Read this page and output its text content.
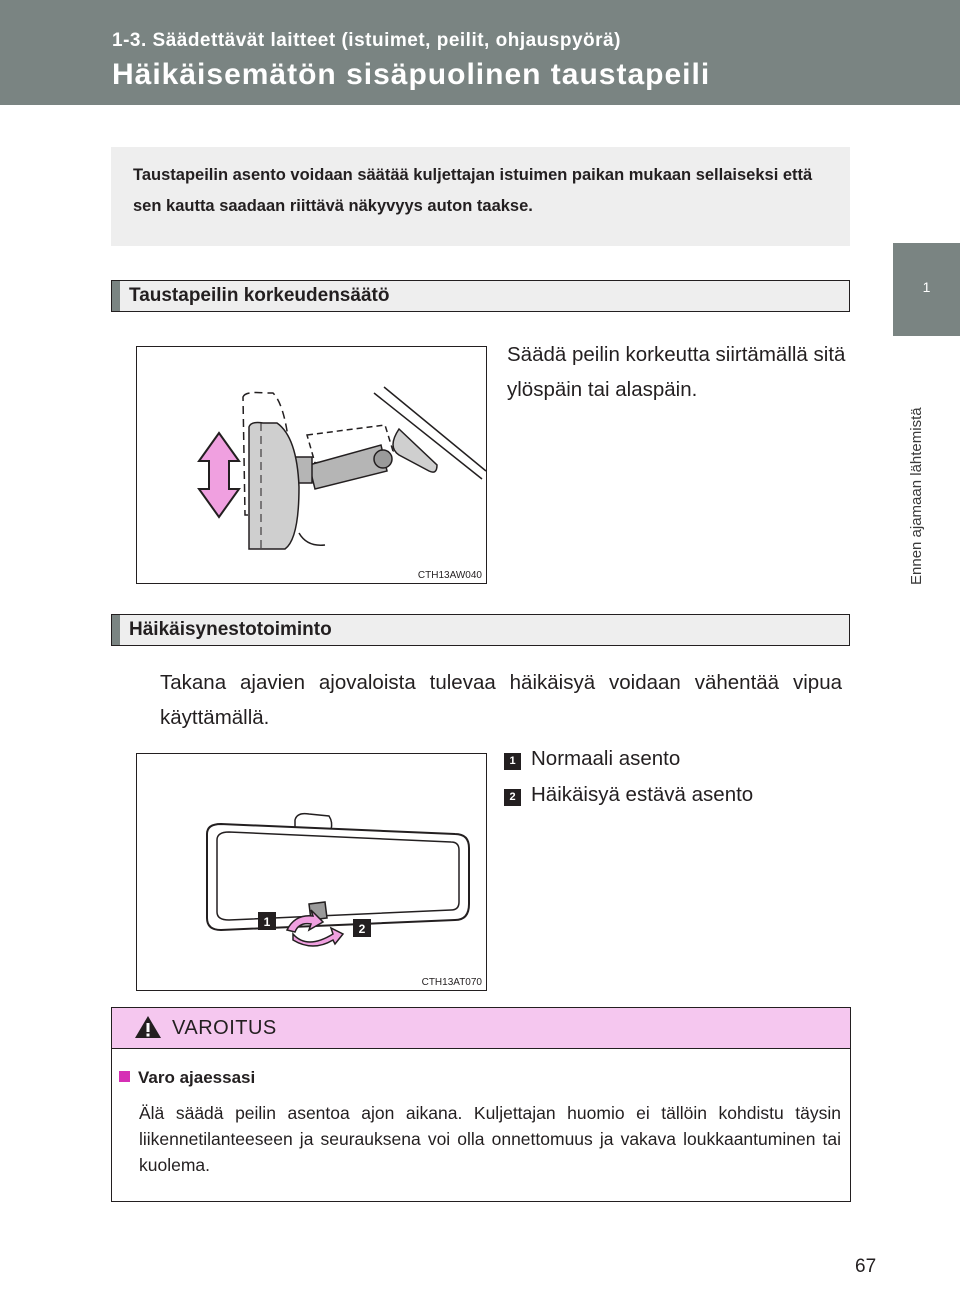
1-3. Säädettävät laitteet (istuimet, peilit, ohjauspyörä)
Häikäisemätön sisäpuolinen taustapeili
1
Ennen ajamaan lähtemistä

Taustapeilin asento voidaan säätää kuljettajan istuimen paikan mukaan sellaiseksi että sen kautta saadaan riittävä näkyvyys auton taakse.

Taustapeilin korkeudensäätö
CTH13AW040
Säädä peilin korkeutta siirtämällä sitä ylöspäin tai alaspäin.
Häikäisynestotoiminto
Takana ajavien ajovaloista tulevaa häikäisyä voidaan vähentää vipua käyttämällä.
1 Normaali asento
2 Häikäisyä estävä asento
1	2
CTH13AT070
VAROITUS
Varo ajaessasi
Älä säädä peilin asentoa ajon aikana. Kuljettajan huomio ei tällöin kohdistu täysin liikennetilanteeseen ja seurauksena voi olla onnettomuus ja vakava loukkaantuminen tai kuolema.
67
